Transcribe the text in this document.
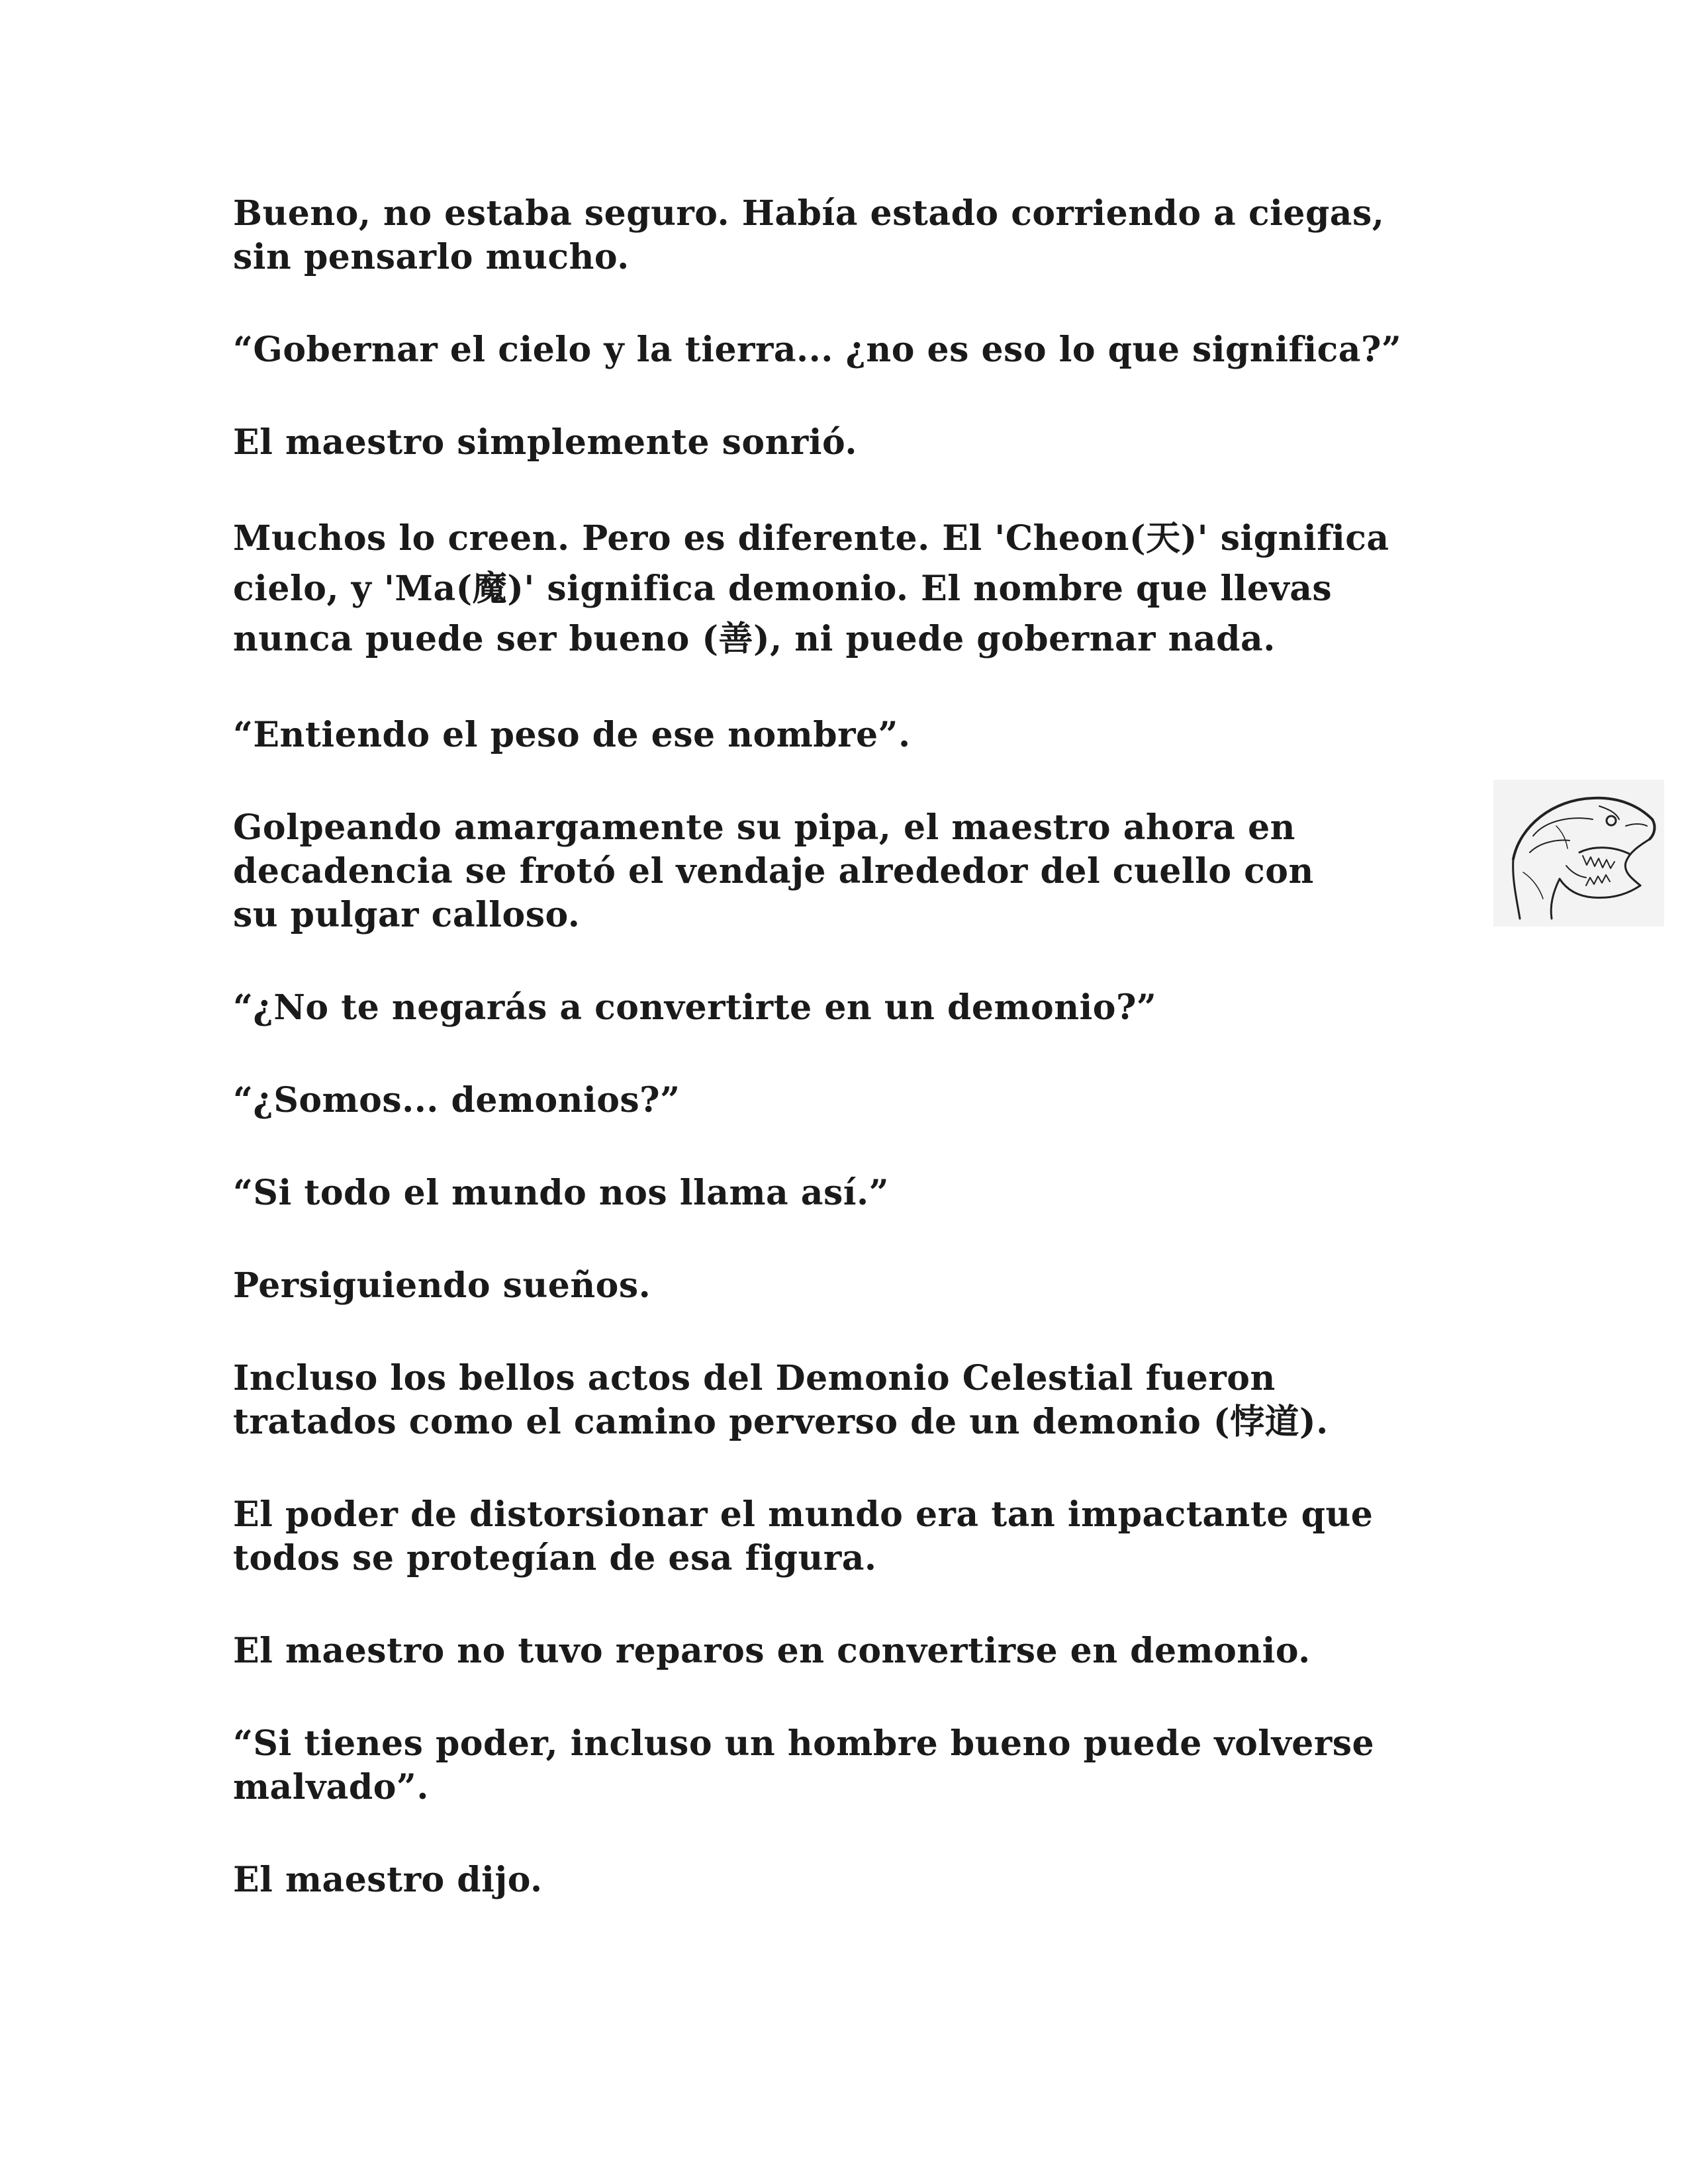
Bueno, no estaba seguro. Había estado corriendo a ciegas, sin pensarlo mucho.

“Gobernar el cielo y la tierra... ¿no es eso lo que significa?”

El maestro simplemente sonrió.

Muchos lo creen. Pero es diferente. El 'Cheon(天)' significa cielo, y 'Ma(魔)' significa demonio. El nombre que llevas nunca puede ser bueno (善), ni puede gobernar nada.

“Entiendo el peso de ese nombre”.

Golpeando amargamente su pipa, el maestro ahora en decadencia se frotó el vendaje alrededor del cuello con su pulgar calloso.

“¿No te negarás a convertirte en un demonio?”

“¿Somos... demonios?”

“Si todo el mundo nos llama así.”

Persiguiendo sueños.

Incluso los bellos actos del Demonio Celestial fueron tratados como el camino perverso de un demonio (悖道).

El poder de distorsionar el mundo era tan impactante que todos se protegían de esa figura.

El maestro no tuvo reparos en convertirse en demonio.

“Si tienes poder, incluso un hombre bueno puede volverse malvado”.

El maestro dijo.
